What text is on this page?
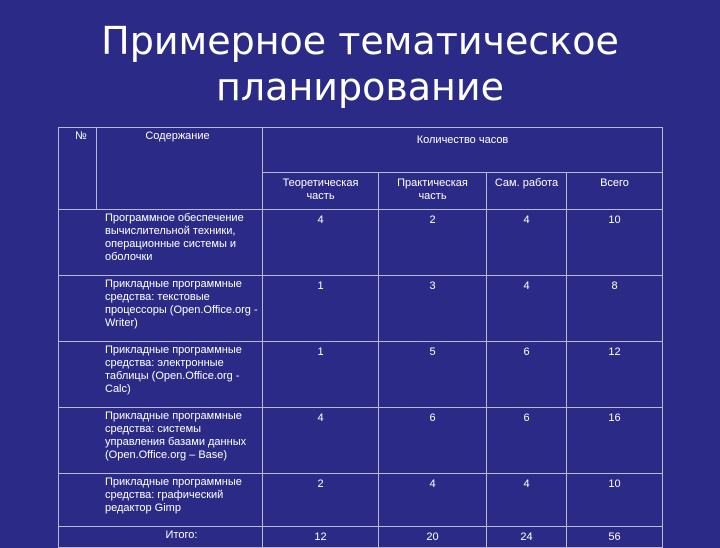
Примерное тематическое
планирование
№	Содержание	Количество часов			
		Теоретическая часть	Практическая часть	Сам. работа	Всего
Программное обеспечение вычислительной техники, операционные системы и оболочки		4	2	4	10
Прикладные программные средства: текстовые процессоры (Open.Office.org - Writer)		1	3	4	8
Прикладные программные средства: электронные таблицы (Open.Office.org - Calc)		1	5	6	12
Прикладные программные средства: системы управления базами данных (Open.Office.org – Base)		4	6	6	16
Прикладные программные средства: графический редактор Gimp		2	4	4	10
Итого:		12	20	24	56
